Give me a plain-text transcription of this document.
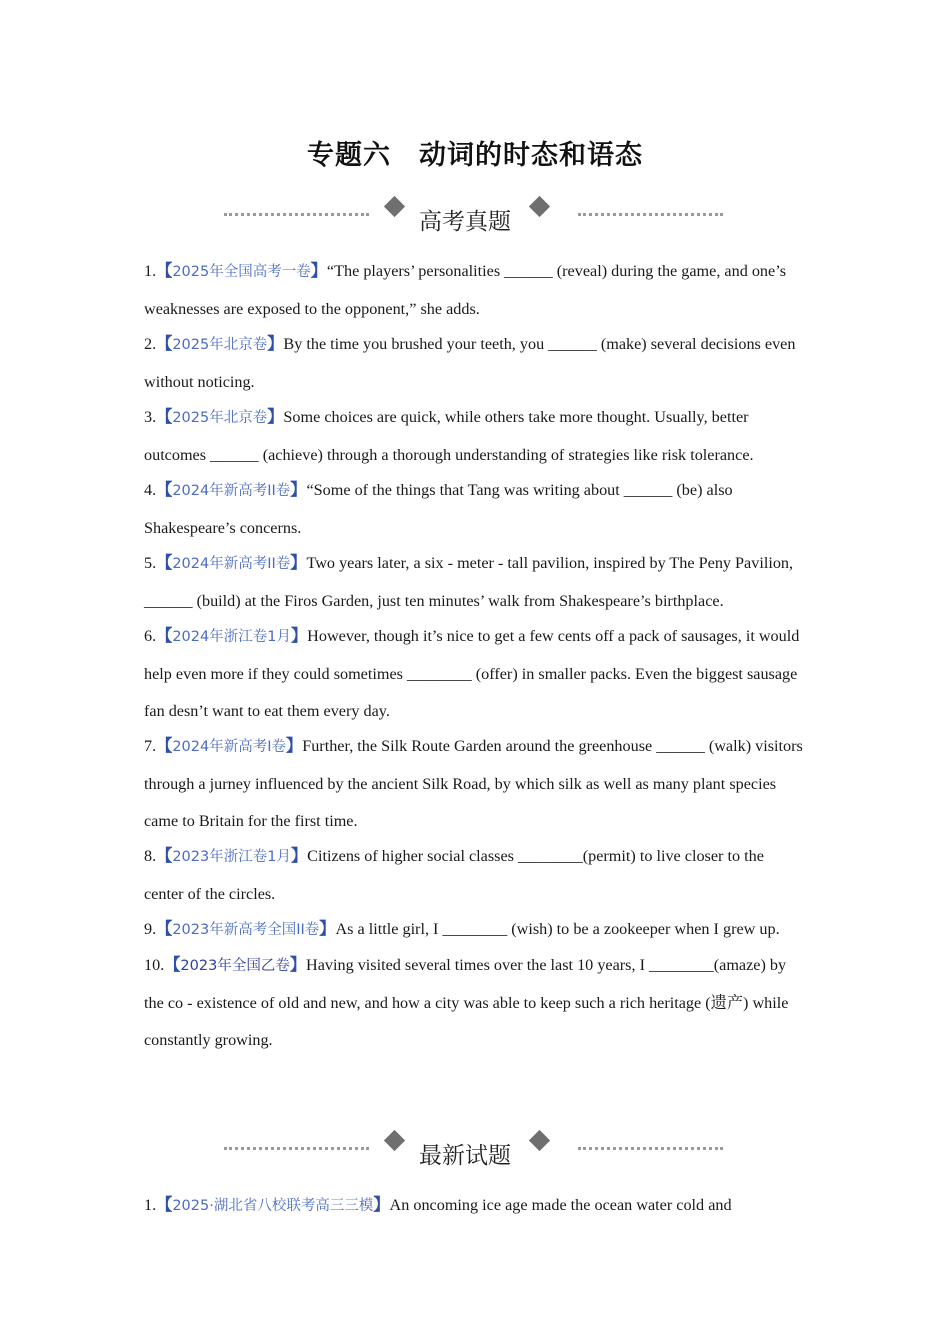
专题六　动词的时态和语态
高考真题
1.【2025年全国高考一卷】“The players’ personalities ______ (reveal) during the game, and one’s weaknesses are exposed to the opponent,” she adds.
2.【2025年北京卷】By the time you brushed your teeth, you ______ (make) several decisions even without noticing.
3.【2025年北京卷】Some choices are quick, while others take more thought. Usually, better outcomes ______ (achieve) through a thorough understanding of strategies like risk tolerance.
4.【2024年新高考II卷】“Some of the things that Tang was writing about ______ (be) also Shakespeare’s concerns.
5.【2024年新高考II卷】Two years later, a six - meter - tall pavilion, inspired by The Peny Pavilion, ______ (build) at the Firos Garden, just ten minutes’ walk from Shakespeare’s birthplace.
6.【2024年浙江卷1月】However, though it’s nice to get a few cents off a pack of sausages, it would help even more if they could sometimes ________ (offer) in smaller packs. Even the biggest sausage fan desn’t want to eat them every day.
7.【2024年新高考I卷】Further, the Silk Route Garden around the greenhouse ______ (walk) visitors through a jurney influenced by the ancient Silk Road, by which silk as well as many plant species came to Britain for the first time.
8.【2023年浙江卷1月】Citizens of higher social classes ________(permit) to live closer to the center of the circles.
9.【2023年新高考全国II卷】As a little girl, I ________ (wish) to be a zookeeper when I grew up.
10.【2023年全国乙卷】Having visited several times over the last 10 years, I ________(amaze) by the co - existence of old and new, and how a city was able to keep such a rich heritage (遗产) while constantly growing.
最新试题
1.【2025·湖北省八校联考高三三模】An oncoming ice age made the ocean water cold and
